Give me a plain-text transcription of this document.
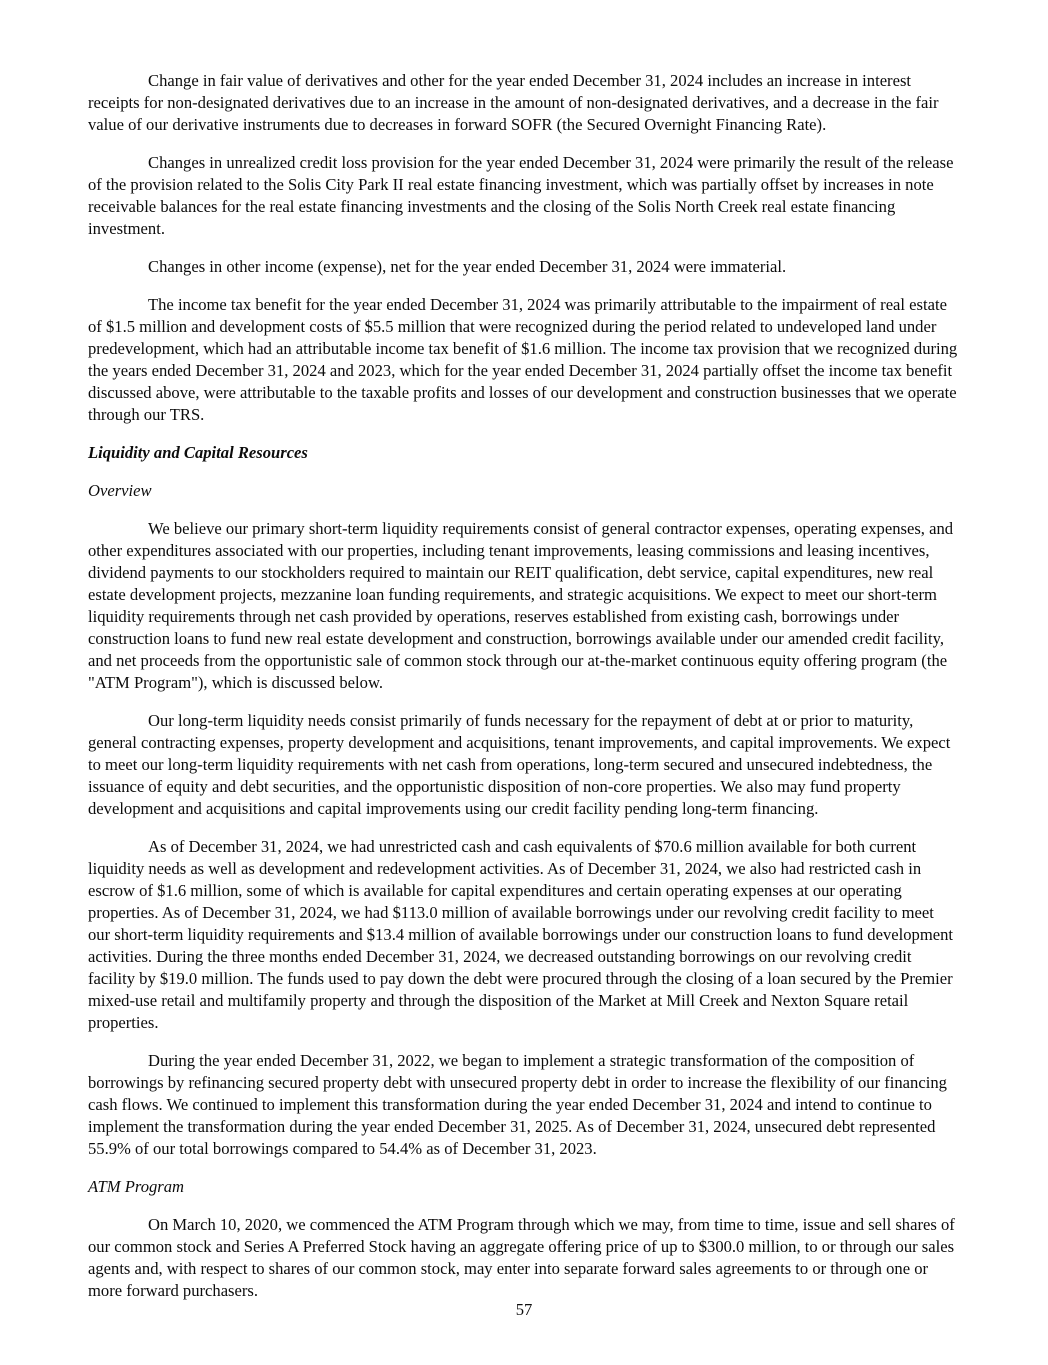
Change in fair value of derivatives and other for the year ended December 31, 2024 includes an increase in interest receipts for non-designated derivatives due to an increase in the amount of non-designated derivatives, and a decrease in the fair value of our derivative instruments due to decreases in forward SOFR (the Secured Overnight Financing Rate).

Changes in unrealized credit loss provision for the year ended December 31, 2024 were primarily the result of the release of the provision related to the Solis City Park II real estate financing investment, which was partially offset by increases in note receivable balances for the real estate financing investments and the closing of the Solis North Creek real estate financing investment.

Changes in other income (expense), net for the year ended December 31, 2024 were immaterial.

The income tax benefit for the year ended December 31, 2024 was primarily attributable to the impairment of real estate of $1.5 million and development costs of $5.5 million that were recognized during the period related to undeveloped land under predevelopment, which had an attributable income tax benefit of $1.6 million. The income tax provision that we recognized during the years ended December 31, 2024 and 2023, which for the year ended December 31, 2024 partially offset the income tax benefit discussed above, were attributable to the taxable profits and losses of our development and construction businesses that we operate through our TRS.

Liquidity and Capital Resources

Overview

We believe our primary short-term liquidity requirements consist of general contractor expenses, operating expenses, and other expenditures associated with our properties, including tenant improvements, leasing commissions and leasing incentives, dividend payments to our stockholders required to maintain our REIT qualification, debt service, capital expenditures, new real estate development projects, mezzanine loan funding requirements, and strategic acquisitions. We expect to meet our short-term liquidity requirements through net cash provided by operations, reserves established from existing cash, borrowings under construction loans to fund new real estate development and construction, borrowings available under our amended credit facility, and net proceeds from the opportunistic sale of common stock through our at-the-market continuous equity offering program (the "ATM Program"), which is discussed below.

Our long-term liquidity needs consist primarily of funds necessary for the repayment of debt at or prior to maturity, general contracting expenses, property development and acquisitions, tenant improvements, and capital improvements. We expect to meet our long-term liquidity requirements with net cash from operations, long-term secured and unsecured indebtedness, the issuance of equity and debt securities, and the opportunistic disposition of non-core properties. We also may fund property development and acquisitions and capital improvements using our credit facility pending long-term financing.

As of December 31, 2024, we had unrestricted cash and cash equivalents of $70.6 million available for both current liquidity needs as well as development and redevelopment activities. As of December 31, 2024, we also had restricted cash in escrow of $1.6 million, some of which is available for capital expenditures and certain operating expenses at our operating properties. As of December 31, 2024, we had $113.0 million of available borrowings under our revolving credit facility to meet our short-term liquidity requirements and $13.4 million of available borrowings under our construction loans to fund development activities. During the three months ended December 31, 2024, we decreased outstanding borrowings on our revolving credit facility by $19.0 million. The funds used to pay down the debt were procured through the closing of a loan secured by the Premier mixed-use retail and multifamily property and through the disposition of the Market at Mill Creek and Nexton Square retail properties.

During the year ended December 31, 2022, we began to implement a strategic transformation of the composition of borrowings by refinancing secured property debt with unsecured property debt in order to increase the flexibility of our financing cash flows. We continued to implement this transformation during the year ended December 31, 2024 and intend to continue to implement the transformation during the year ended December 31, 2025. As of December 31, 2024, unsecured debt represented 55.9% of our total borrowings compared to 54.4% as of December 31, 2023.

ATM Program

On March 10, 2020, we commenced the ATM Program through which we may, from time to time, issue and sell shares of our common stock and Series A Preferred Stock having an aggregate offering price of up to $300.0 million, to or through our sales agents and, with respect to shares of our common stock, may enter into separate forward sales agreements to or through one or more forward purchasers.

57
